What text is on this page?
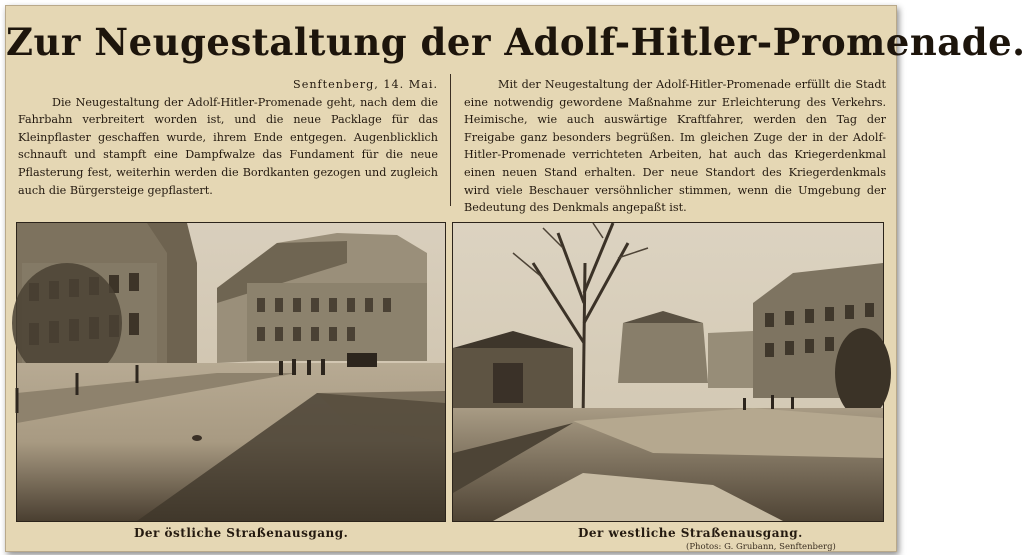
Zur Neugestaltung der Adolf-Hitler-Promenade.
Senftenberg, 14. Mai.
Die Neugestaltung der Adolf-Hitler-Promenade geht, nach dem die Fahrbahn verbreitert worden ist, und die neue Packlage für das Kleinpflaster geschaffen wurde, ihrem Ende entgegen. Augenblicklich schnauft und stampft eine Dampfwalze das Fundament für die neue Pflasterung fest, weiterhin werden die Bordkanten gezogen und zugleich auch die Bürgersteige gepflastert.
Mit der Neugestaltung der Adolf-Hitler-Promenade erfüllt die Stadt eine notwendig gewordene Maßnahme zur Erleichterung des Verkehrs. Heimische, wie auch auswärtige Kraftfahrer, werden den Tag der Freigabe ganz besonders begrüßen. Im gleichen Zuge der in der Adolf-Hitler-Promenade verrichteten Arbeiten, hat auch das Kriegerdenkmal einen neuen Stand erhalten. Der neue Standort des Kriegerdenkmals wird viele Beschauer versöhnlicher stimmen, wenn die Umgebung der Bedeutung des Denkmals angepaßt ist.
Der östliche Straßenausgang.	Der westliche Straßenausgang.
(Photos: G. Grubann, Senftenberg)
